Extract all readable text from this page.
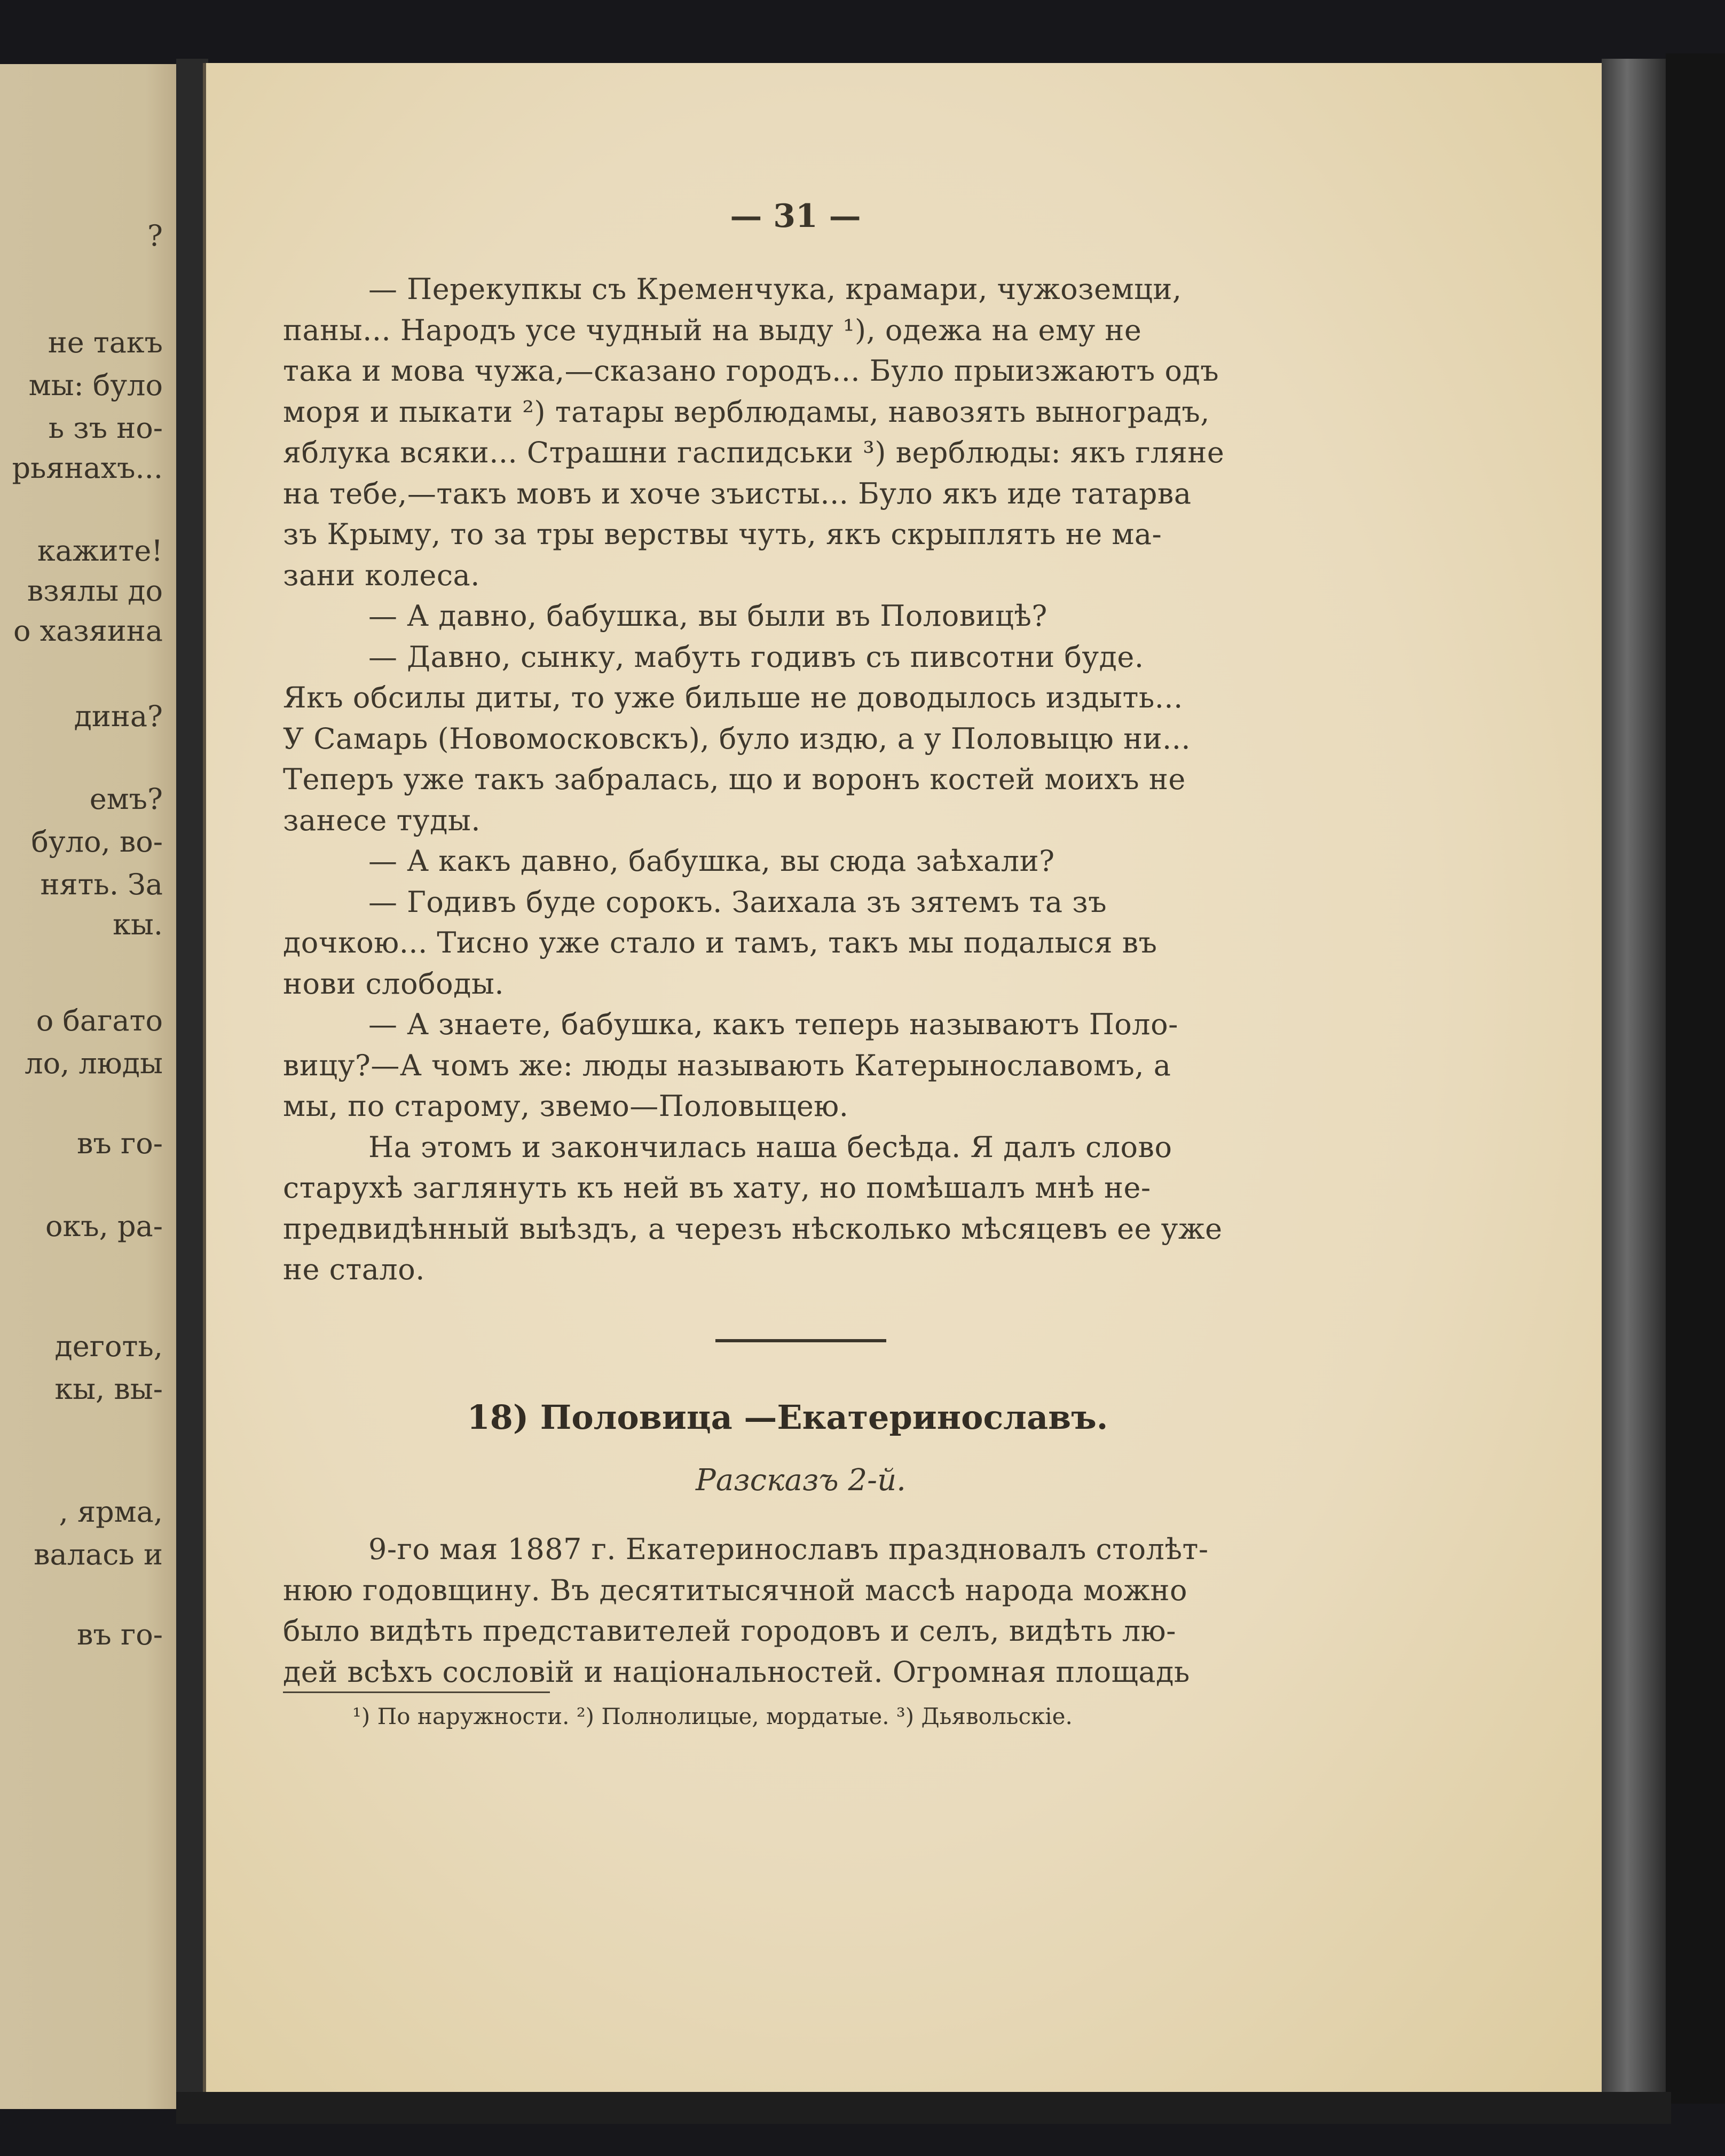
?
не такъ
мы: було
ь зъ но-
рьянахъ...
кажите!
взялы до
о хазяина
дина?
емъ?
було, во-
нять. За
кы.
о багато
ло, люды
въ го-
окъ, ра-
деготь,
кы, вы-
, ярма,
валась и
въ го-
— 31 —
— Перекупкы съ Кременчука, крамари, чужоземци,
паны... Народъ усе чудный на выду ¹), одежа на ему не
така и мова чужа,—сказано городъ... Було прыизжаютъ одъ
моря и пыкати ²) татары верблюдамы, навозять выноградъ,
яблука всяки... Страшни гаспидськи ³) верблюды: якъ гляне
на тебе,—такъ мовъ и хоче зъисты... Було якъ иде татарва
зъ Крыму, то за тры верствы чуть, якъ скрыплять не ма-
зани колеса.
— А давно, бабушка, вы были въ Половицѣ?
— Давно, сынку, мабуть годивъ съ пивсотни буде.
Якъ обсилы диты, то уже бильше не доводылось издыть...
У Самарь (Новомосковскъ), було издю, а у Половыцю ни...
Теперъ уже такъ забралась, що и воронъ костей моихъ не
занесе туды.
— А какъ давно, бабушка, вы сюда заѣхали?
— Годивъ буде сорокъ. Заихала зъ зятемъ та зъ
дочкою... Тисно уже стало и тамъ, такъ мы подалыся въ
нови слободы.
— А знаете, бабушка, какъ теперь называютъ Поло-
вицу?—А чомъ же: люды называють Катерынославомъ, а
мы, по старому, звемо—Половыцею.
На этомъ и закончилась наша бесѣда. Я далъ слово
старухѣ заглянуть къ ней въ хату, но помѣшалъ мнѣ не-
предвидѣнный выѣздъ, а черезъ нѣсколько мѣсяцевъ ее уже
не стало.
18) Половица —Екатеринославъ.
Разсказъ 2-й.
9-го мая 1887 г. Екатеринославъ праздновалъ столѣт-
нюю годовщину. Въ десятитысячной массѣ народа можно
было видѣть представителей городовъ и селъ, видѣть лю-
дей всѣхъ сословій и національностей. Огромная площадь
¹) По наружности. ²) Полнолицые, мордатые. ³) Дьявольскіе.
